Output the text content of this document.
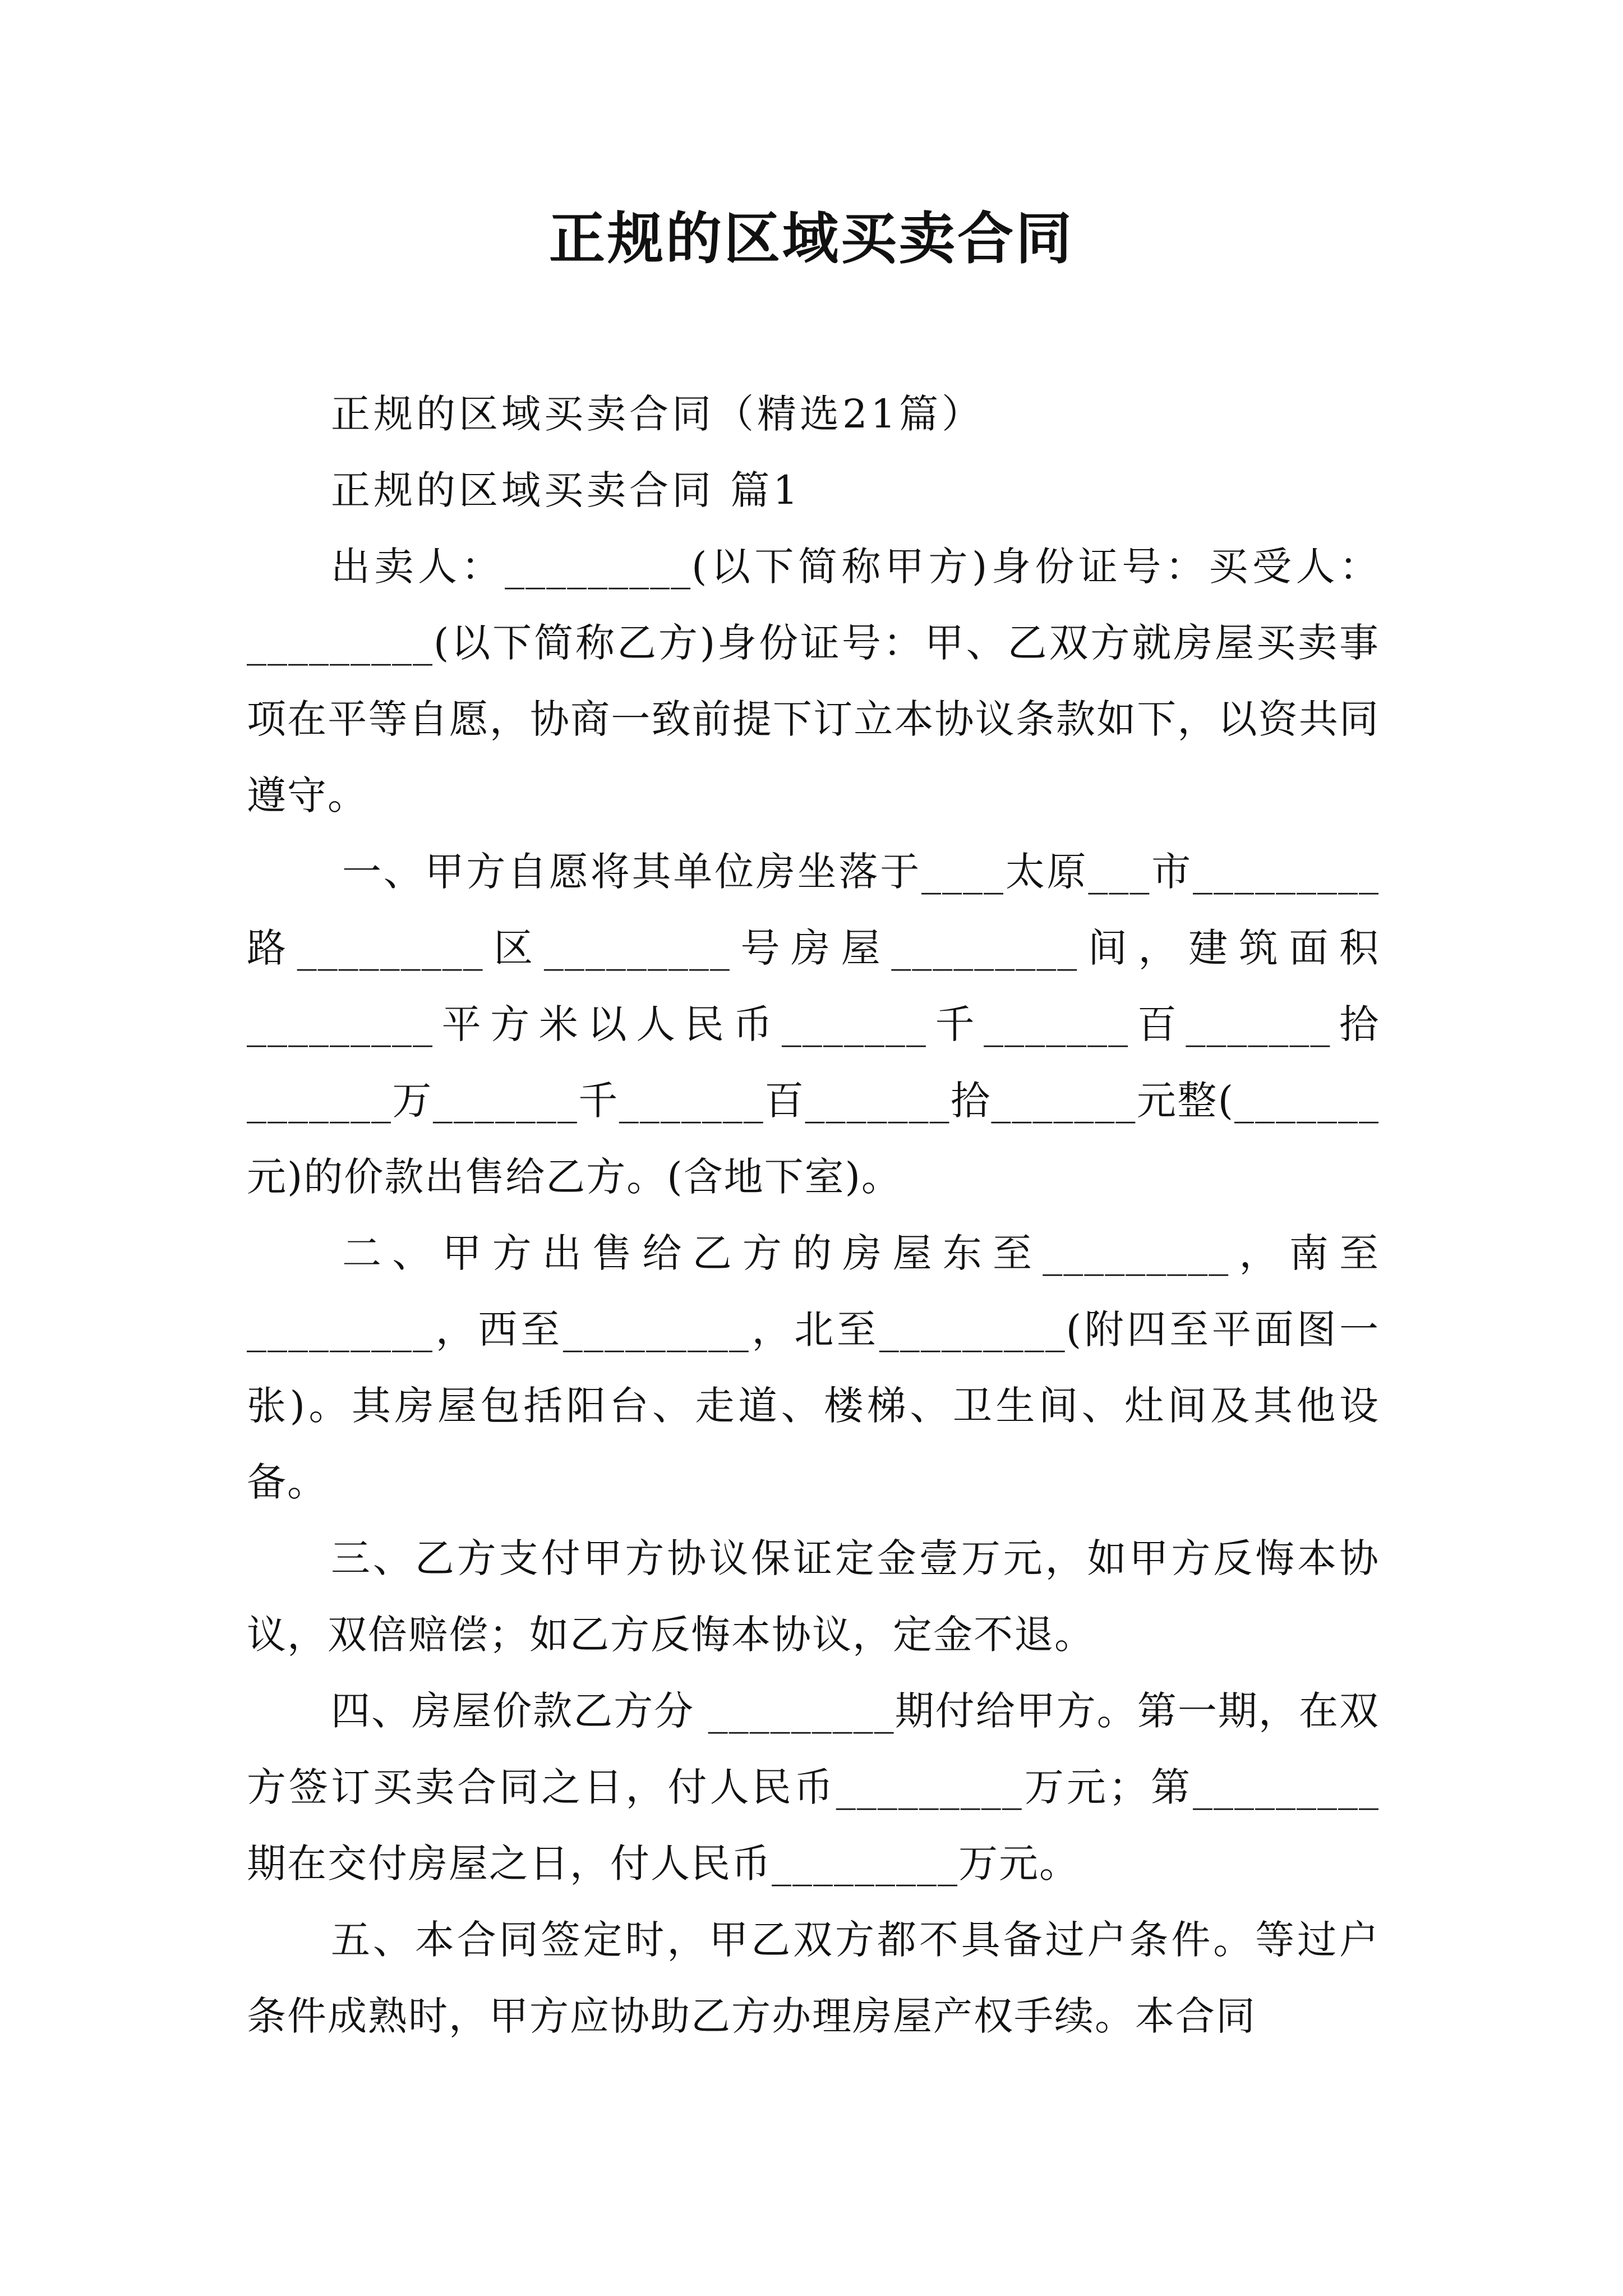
正规的区域买卖合同

正规的区域买卖合同（精选21篇）

正规的区域买卖合同 篇1

出卖人：_________(以下简称甲方)身份证号：买受人：_________(以下简称乙方)身份证号：甲、乙双方就房屋买卖事项在平等自愿，协商一致前提下订立本协议条款如下，以资共同遵守。

一、甲方自愿将其单位房坐落于____太原___市_________路_________区_________号房屋_________间，建筑面积_________平方米以人民币_______千_______百_______拾_______万_______千_______百_______拾_______元整(_______ 元)的价款出售给乙方。(含地下室)。

二、甲方出售给乙方的房屋东至_________，南至_________，西至_________，北至_________(附四至平面图一张)。其房屋包括阳台、走道、楼梯、卫生间、灶间及其他设备。

三、乙方支付甲方协议保证定金壹万元，如甲方反悔本协议，双倍赔偿；如乙方反悔本协议，定金不退。

四、房屋价款乙方分 _________期付给甲方。第一期，在双方签订买卖合同之日，付人民币_________万元；第_________期在交付房屋之日，付人民币_________万元。

五、本合同签定时，甲乙双方都不具备过户条件。等过户条件成熟时，甲方应协助乙方办理房屋产权手续。本合同
